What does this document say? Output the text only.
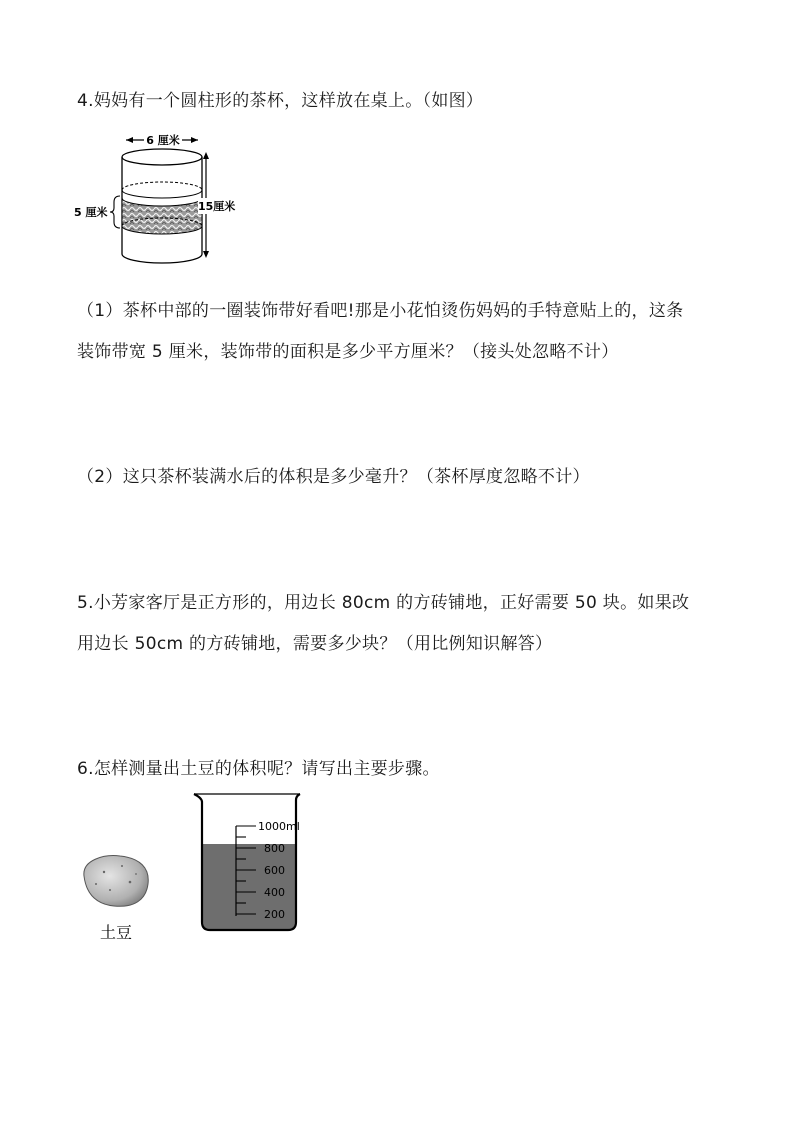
4.妈妈有一个圆柱形的茶杯，这样放在桌上。（如图）
6 厘米
15厘米
5 厘米
（1）茶杯中部的一圈装饰带好看吧!那是小花怕烫伤妈妈的手特意贴上的，这条
装饰带宽 5 厘米，装饰带的面积是多少平方厘米？（接头处忽略不计）
（2）这只茶杯装满水后的体积是多少毫升？（茶杯厚度忽略不计）
5.小芳家客厅是正方形的，用边长 80cm 的方砖铺地，正好需要 50 块。如果改
用边长 50cm 的方砖铺地，需要多少块？（用比例知识解答）
6.怎样测量出土豆的体积呢？请写出主要步骤。
土豆
1000ml
800
600
400
200
